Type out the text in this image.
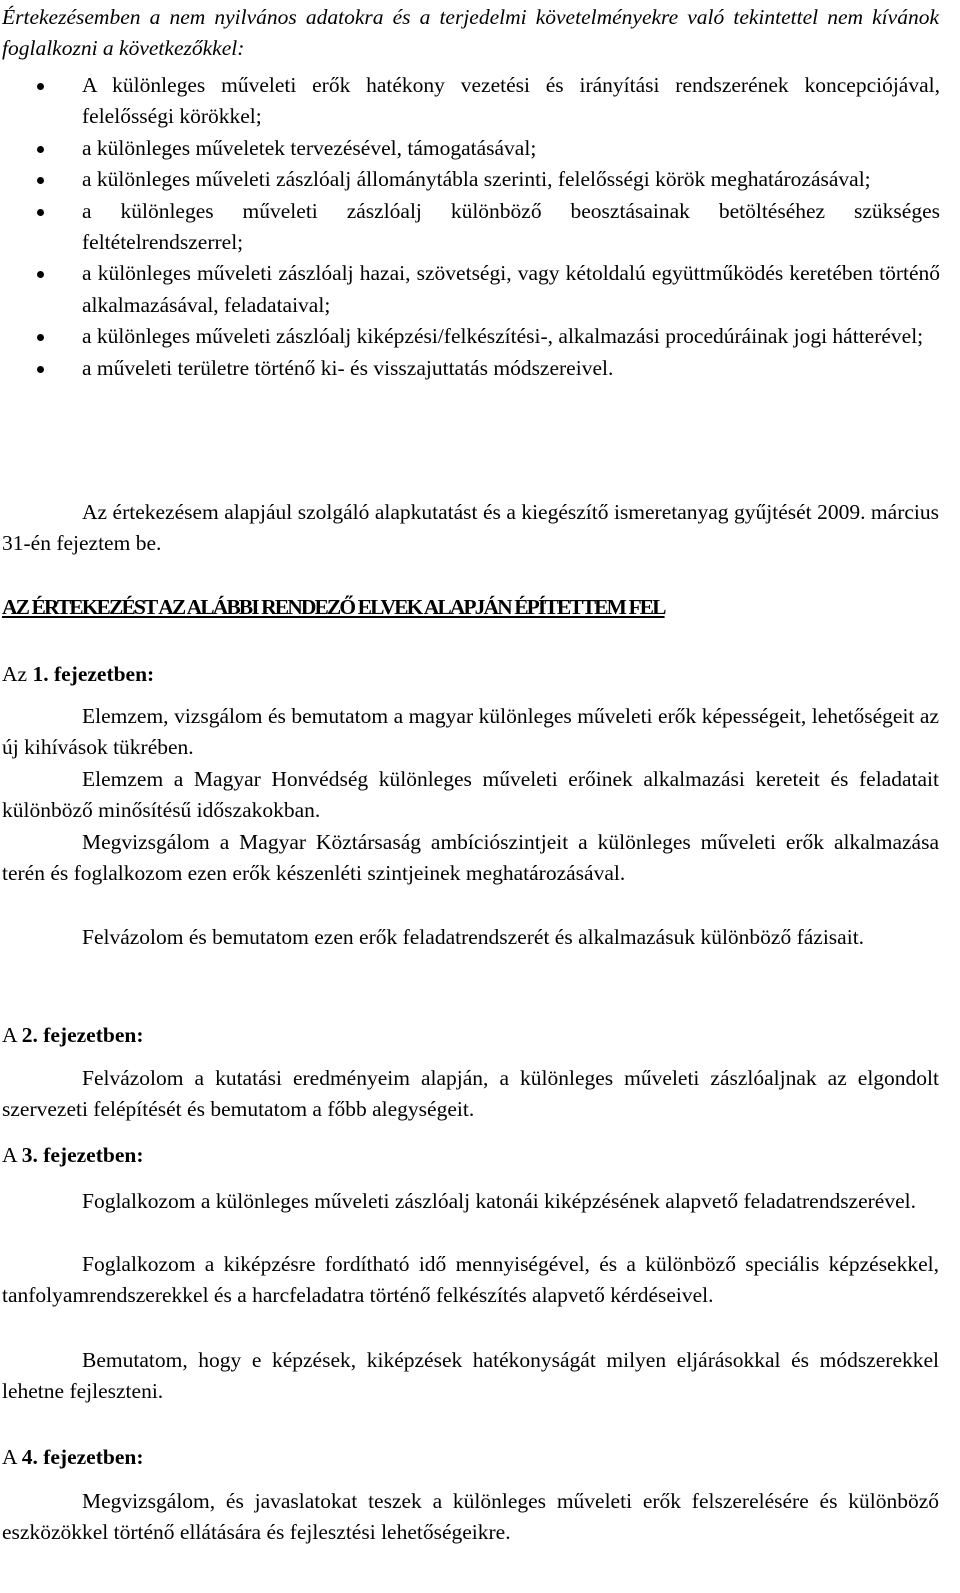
Értekezésemben a nem nyilvános adatokra és a terjedelmi követelményekre való tekintettel nem kívánok foglalkozni a következőkkel:
A különleges műveleti erők hatékony vezetési és irányítási rendszerének koncepciójával, felelősségi körökkel;
a különleges műveletek tervezésével, támogatásával;
a különleges műveleti zászlóalj állománytábla szerinti, felelősségi körök meghatározásával;
a különleges műveleti zászlóalj különböző beosztásainak betöltéséhez szükséges feltételrendszerrel;
a különleges műveleti zászlóalj hazai, szövetségi, vagy kétoldalú együttműködés keretében történő alkalmazásával, feladataival;
a különleges műveleti zászlóalj kiképzési/felkészítési-, alkalmazási procedúráinak jogi hátterével;
a műveleti területre történő ki- és visszajuttatás módszereivel.
Az értekezésem alapjául szolgáló alapkutatást és a kiegészítő ismeretanyag gyűjtését 2009. március 31-én fejeztem be.
AZ ÉRTEKEZÉST AZ ALÁBBI RENDEZŐ ELVEK ALAPJÁN ÉPÍTETTEM FEL
Az 1. fejezetben:
Elemzem, vizsgálom és bemutatom a magyar különleges műveleti erők képességeit, lehetőségeit az új kihívások tükrében.
Elemzem a Magyar Honvédség különleges műveleti erőinek alkalmazási kereteit és feladatait különböző minősítésű időszakokban.
Megvizsgálom a Magyar Köztársaság ambíciószintjeit a különleges műveleti erők alkalmazása terén és foglalkozom ezen erők készenléti szintjeinek meghatározásával.
Felvázolom és bemutatom ezen erők feladatrendszerét és alkalmazásuk különböző fázisait.
A 2. fejezetben:
Felvázolom a kutatási eredményeim alapján, a különleges műveleti zászlóaljnak az elgondolt szervezeti felépítését és bemutatom a főbb alegységeit.
A 3. fejezetben:
Foglalkozom a különleges műveleti zászlóalj katonái kiképzésének alapvető feladatrendszerével.
Foglalkozom a kiképzésre fordítható idő mennyiségével, és a különböző speciális képzésekkel, tanfolyamrendszerekkel és a harcfeladatra történő felkészítés alapvető kérdéseivel.
Bemutatom, hogy e képzések, kiképzések hatékonyságát milyen eljárásokkal és módszerekkel lehetne fejleszteni.
A 4. fejezetben:
Megvizsgálom, és javaslatokat teszek a különleges műveleti erők felszerelésére és különböző eszközökkel történő ellátására és fejlesztési lehetőségeikre.
